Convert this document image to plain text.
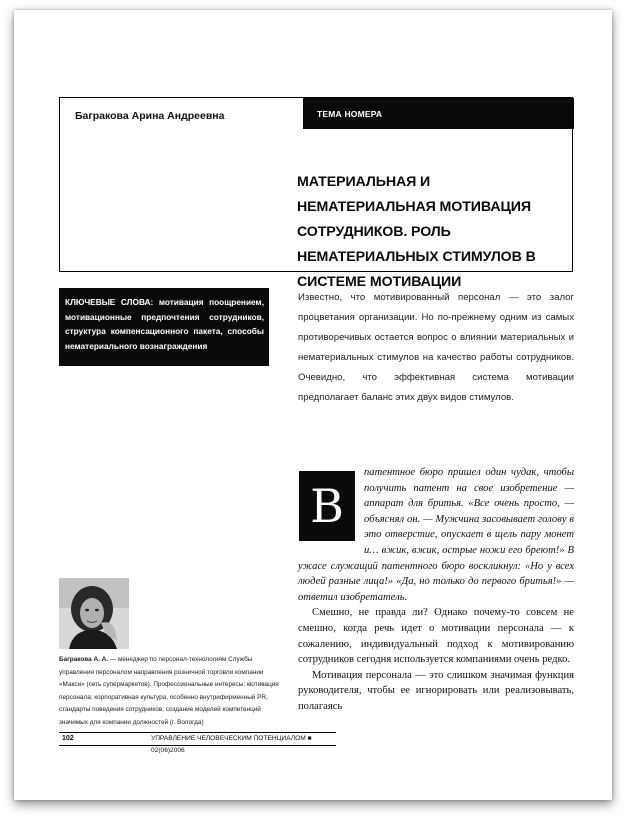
Багракова Арина Андреевна	ТЕМА НОМЕРА
МАТЕРИАЛЬНАЯ И НЕМАТЕРИАЛЬНАЯ МОТИВАЦИЯ СОТРУДНИКОВ. РОЛЬ НЕМАТЕРИАЛЬНЫХ СТИМУЛОВ В СИСТЕМЕ МОТИВАЦИИ
КЛЮЧЕВЫЕ СЛОВА: мотивация поощрением, мотивационные предпочтения сотрудников, структура компенсационного пакета, способы нематериального вознаграждения
Известно, что мотивированный персонал — это залог процветания организации. Но по-прежнему одним из самых противоречивых остается вопрос о влиянии материальных и нематериальных стимулов на качество работы сотрудников. Очевидно, что эффективная система мотивации предполагает баланс этих двух видов стимулов.
В

патентное бюро пришел один чудак, чтобы получить патент на свое изобретение — аппарат для бритья. «Все очень просто, — объяснял он. — Мужчина засовывает голову в это отверстие, опускает в щель пару монет и… вжик, вжик, острые ножи его бреют!» В ужасе служащий патентного бюро воскликнул: «Но у всех людей разные лица!» «Да, но только до первого бритья!» — ответил изобретатель.

Смешно, не правда ли? Однако почему-то совсем не смешно, когда речь идет о мотивации персонала — к сожалению, индивидуальный подход к мотивированию сотрудников сегодня используется компаниями очень редко.

Мотивация персонала — это слишком значимая функция руководителя, чтобы ее игнорировать или реализовывать, полагаясь

Багракова А. А. — менеджер по персонал-технологиям Службы управления персоналом направления розничной торговли компании «Макси» (сеть супермаркетов). Профессиональные интересы: мотивация персонала; корпоративная культура, особенно внутрифирменный PR, стандарты поведения сотрудников; создание моделей компетенций значимых для компании должностей (г. Вологда)
102	УПРАВЛЕНИЕ ЧЕЛОВЕЧЕСКИМ ПОТЕНЦИАЛОМ ■ 02(06)2006
